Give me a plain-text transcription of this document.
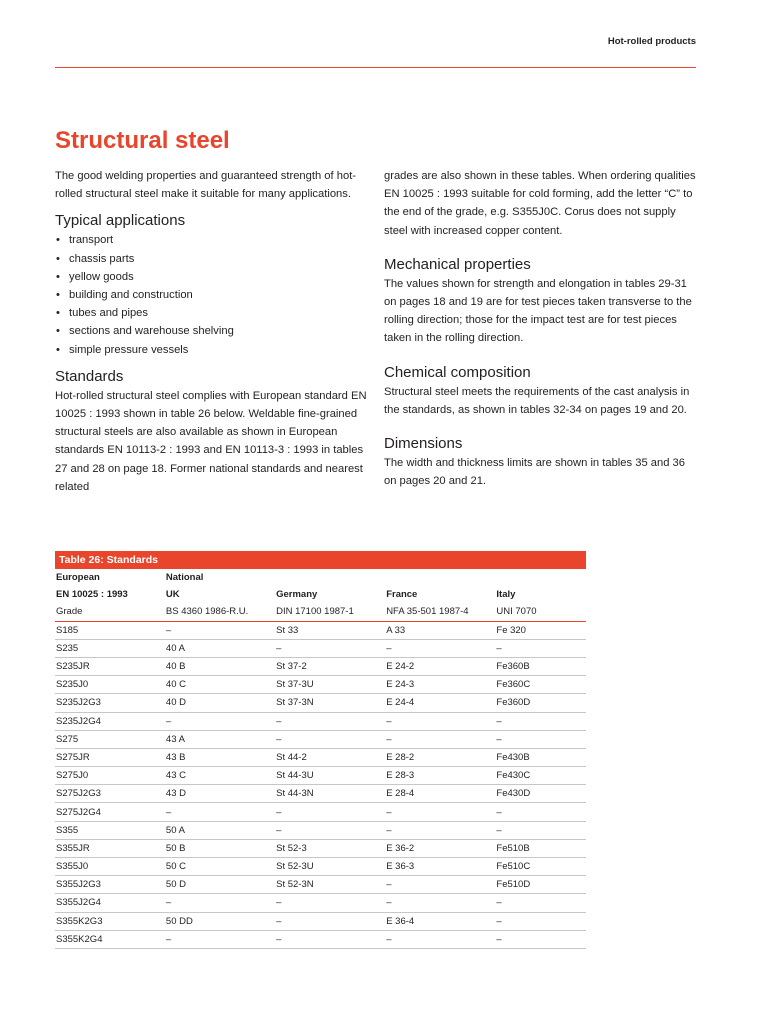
Hot-rolled products
Structural steel

The good welding properties and guaranteed strength of hot-rolled structural steel make it suitable for many applications.

Typical applications
• transport
• chassis parts
• yellow goods
• building and construction
• tubes and pipes
• sections and warehouse shelving
• simple pressure vessels
Standards

Hot-rolled structural steel complies with European standard EN 10025 : 1993 shown in table 26 below. Weldable fine-grained structural steels are also available as shown in European standards EN 10113-2 : 1993 and EN 10113-3 : 1993 in tables 27 and 28 on page 18. Former national standards and nearest related

grades are also shown in these tables. When ordering qualities EN 10025 : 1993 suitable for cold forming, add the letter “C” to the end of the grade, e.g. S355J0C. Corus does not supply steel with increased copper content.

Mechanical properties

The values shown for strength and elongation in tables 29-31 on pages 18 and 19 are for test pieces taken transverse to the rolling direction; those for the impact test are for test pieces taken in the rolling direction.

Chemical composition

Structural steel meets the requirements of the cast analysis in the standards, as shown in tables 32-34 on pages 19 and 20.

Dimensions

The width and thickness limits are shown in tables 35 and 36 on pages 20 and 21.

Table 26: Standards				
European	National			
EN 10025 : 1993	UK	Germany	France	Italy
Grade	BS 4360 1986-R.U.	DIN 17100 1987-1	NFA 35-501 1987-4	UNI 7070
S185	–	St 33	A 33	Fe 320
S235	40 A	–	–	–
S235JR	40 B	St 37-2	E 24-2	Fe360B
S235J0	40 C	St 37-3U	E 24-3	Fe360C
S235J2G3	40 D	St 37-3N	E 24-4	Fe360D
S235J2G4	–	–	–	–
S275	43 A	–	–	–
S275JR	43 B	St 44-2	E 28-2	Fe430B
S275J0	43 C	St 44-3U	E 28-3	Fe430C
S275J2G3	43 D	St 44-3N	E 28-4	Fe430D
S275J2G4	–	–	–	–
S355	50 A	–	–	–
S355JR	50 B	St 52-3	E 36-2	Fe510B
S355J0	50 C	St 52-3U	E 36-3	Fe510C
S355J2G3	50 D	St 52-3N	–	Fe510D
S355J2G4	–	–	–	–
S355K2G3	50 DD	–	E 36-4	–
S355K2G4	–	–	–	–
